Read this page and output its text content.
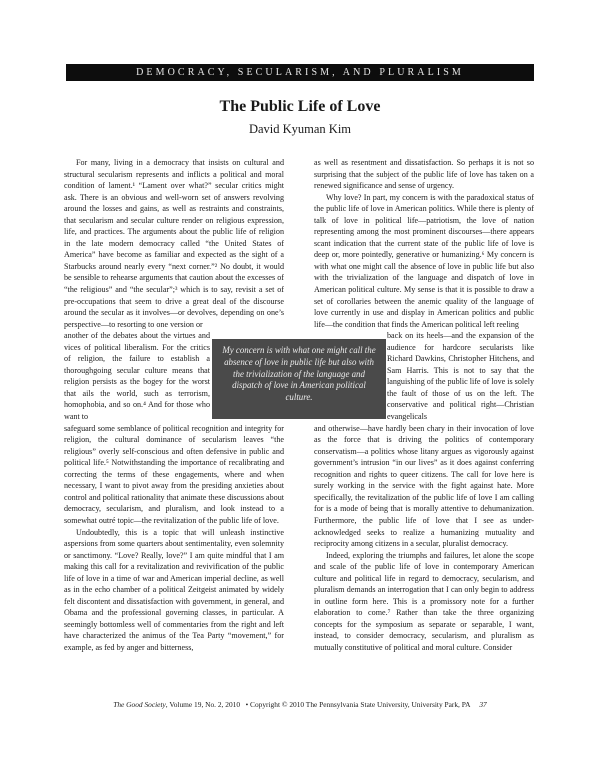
DEMOCRACY, SECULARISM, AND PLURALISM
The Public Life of Love
David Kyuman Kim

For many, living in a democracy that insists on cultural and structural secularism represents and inflicts a political and moral condition of lament.¹ “Lament over what?” secular critics might ask. There is an obvious and well-worn set of answers revolving around the losses and gains, as well as restraints and constraints, that secularism and secular culture render on religious expression, life, and practices. The arguments about the public life of religion in the late modern democracy called “the United States of America” have become as familiar and expected as the sight of a Starbucks around nearly every “next corner.”² No doubt, it would be sensible to rehearse arguments that caution about the excesses of “the religious” and “the secular”;³ which is to say, revisit a set of pre-occupations that seem to drive a great deal of the discourse around the secular as it involves—or devolves, depending on one’s perspective—to resorting to one version or

another of the debates about the virtues and vices of political liberalism. For the critics of religion, the failure to establish a thoroughgoing secular culture means that religion persists as the bogey for the worst that ails the world, such as terrorism, homophobia, and so on.⁴ And for those who want to

safeguard some semblance of political recognition and integrity for religion, the cultural dominance of secularism leaves “the religious” overly self-conscious and often defensive in public and political life.⁵ Notwithstanding the importance of recalibrating and correcting the terms of these engagements, where and when necessary, I want to pivot away from the presiding anxieties about control and political rationality that animate these discussions about democracy, secularism, and pluralism, and look instead to a somewhat outré topic—the revitalization of the public life of love.

Undoubtedly, this is a topic that will unleash instinctive aspersions from some quarters about sentimentality, even solemnity or sanctimony. “Love? Really, love?” I am quite mindful that I am making this call for a revitalization and revivification of the public life of love in a time of war and American imperial decline, as well as in the echo chamber of a political Zeitgeist animated by widely felt discontent and dissatisfaction with government, in general, and Obama and the professional governing classes, in particular. A seemingly bottomless well of commentaries from the right and left have characterized the animus of the Tea Party “movement,” for example, as fed by anger and bitterness,

as well as resentment and dissatisfaction. So perhaps it is not so surprising that the subject of the public life of love has taken on a renewed significance and sense of urgency.

Why love? In part, my concern is with the paradoxical status of the public life of love in American politics. While there is plenty of talk of love in political life—patriotism, the love of nation representing among the most prominent discourses—there appears scant indication that the current state of the public life of love is deep or, more pointedly, generative or humanizing.⁶ My concern is with what one might call the absence of love in public life but also with the trivialization of the language and dispatch of love in American political culture. My sense is that it is possible to draw a set of corollaries between the anemic quality of the language of love currently in use and display in American politics and public life—the condition that finds the American political left reeling

back on its heels—and the expansion of the audience for hardcore secularists like Richard Dawkins, Christopher Hitchens, and Sam Harris. This is not to say that the languishing of the public life of love is solely the fault of those of us on the left. The conservative and political right—Christian evangelicals

and otherwise—have hardly been chary in their invocation of love as the force that is driving the politics of contemporary conservatism—a politics whose litany argues as vigorously against government’s intrusion “in our lives” as it does against conferring recognition and rights to queer citizens. The call for love here is surely working in the service with the fight against hate. More specifically, the revitalization of the public life of love I am calling for is a mode of being that is morally attentive to dehumanization. Furthermore, the public life of love that I see as under-acknowledged seeks to realize a humanizing mutuality and reciprocity among citizens in a secular, pluralist democracy.

Indeed, exploring the triumphs and failures, let alone the scope and scale of the public life of love in contemporary American culture and political life in regard to democracy, secularism, and pluralism demands an interrogation that I can only begin to address in outline form here. This is a promissory note for a further elaboration to come.⁷ Rather than take the three organizing concepts for the symposium as separate or separable, I want, instead, to consider democracy, secularism, and pluralism as mutually constitutive of political and moral culture. Consider

My concern is with what one might call the absence of love in public life but also with the trivialization of the language and dispatch of love in American political culture.
The Good Society, Volume 19, No. 2, 2010 • Copyright © 2010 The Pennsylvania State University, University Park, PA 37
